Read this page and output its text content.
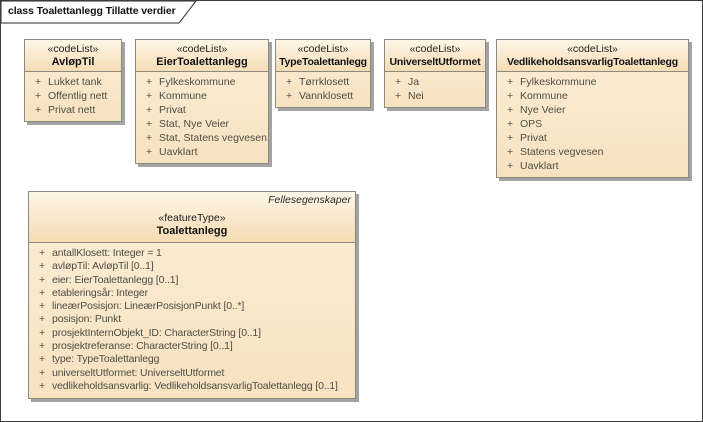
class Toalettanlegg Tillatte verdier
«codeList»
AvløpTil
+ Lukket tank
+ Offentlig nett
+ Privat nett
«codeList»
EierToalettanlegg
+ Fylkeskommune
+ Kommune
+ Privat
+ Stat, Nye Veier
+ Stat, Statens vegvesen
+ Uavklart
«codeList»
TypeToalettanlegg
+ Tørrklosett
+ Vannklosett
«codeList»
UniverseltUtformet
+ Ja
+ Nei
«codeList»
VedlikeholdsansvarligToalettanlegg
+ Fylkeskommune
+ Kommune
+ Nye Veier
+ OPS
+ Privat
+ Statens vegvesen
+ Uavklart
Fellesegenskaper
«featureType»
Toalettanlegg
+ antallKlosett: Integer = 1
+ avløpTil: AvløpTil [0..1]
+ eier: EierToalettanlegg [0..1]
+ etableringsår: Integer
+ lineærPosisjon: LineærPosisjonPunkt [0..*]
+ posisjon: Punkt
+ prosjektInternObjekt_ID: CharacterString [0..1]
+ prosjektreferanse: CharacterString [0..1]
+ type: TypeToalettanlegg
+ universeltUtformet: UniverseltUtformet
+ vedlikeholdsansvarlig: VedlikeholdsansvarligToalettanlegg [0..1]
